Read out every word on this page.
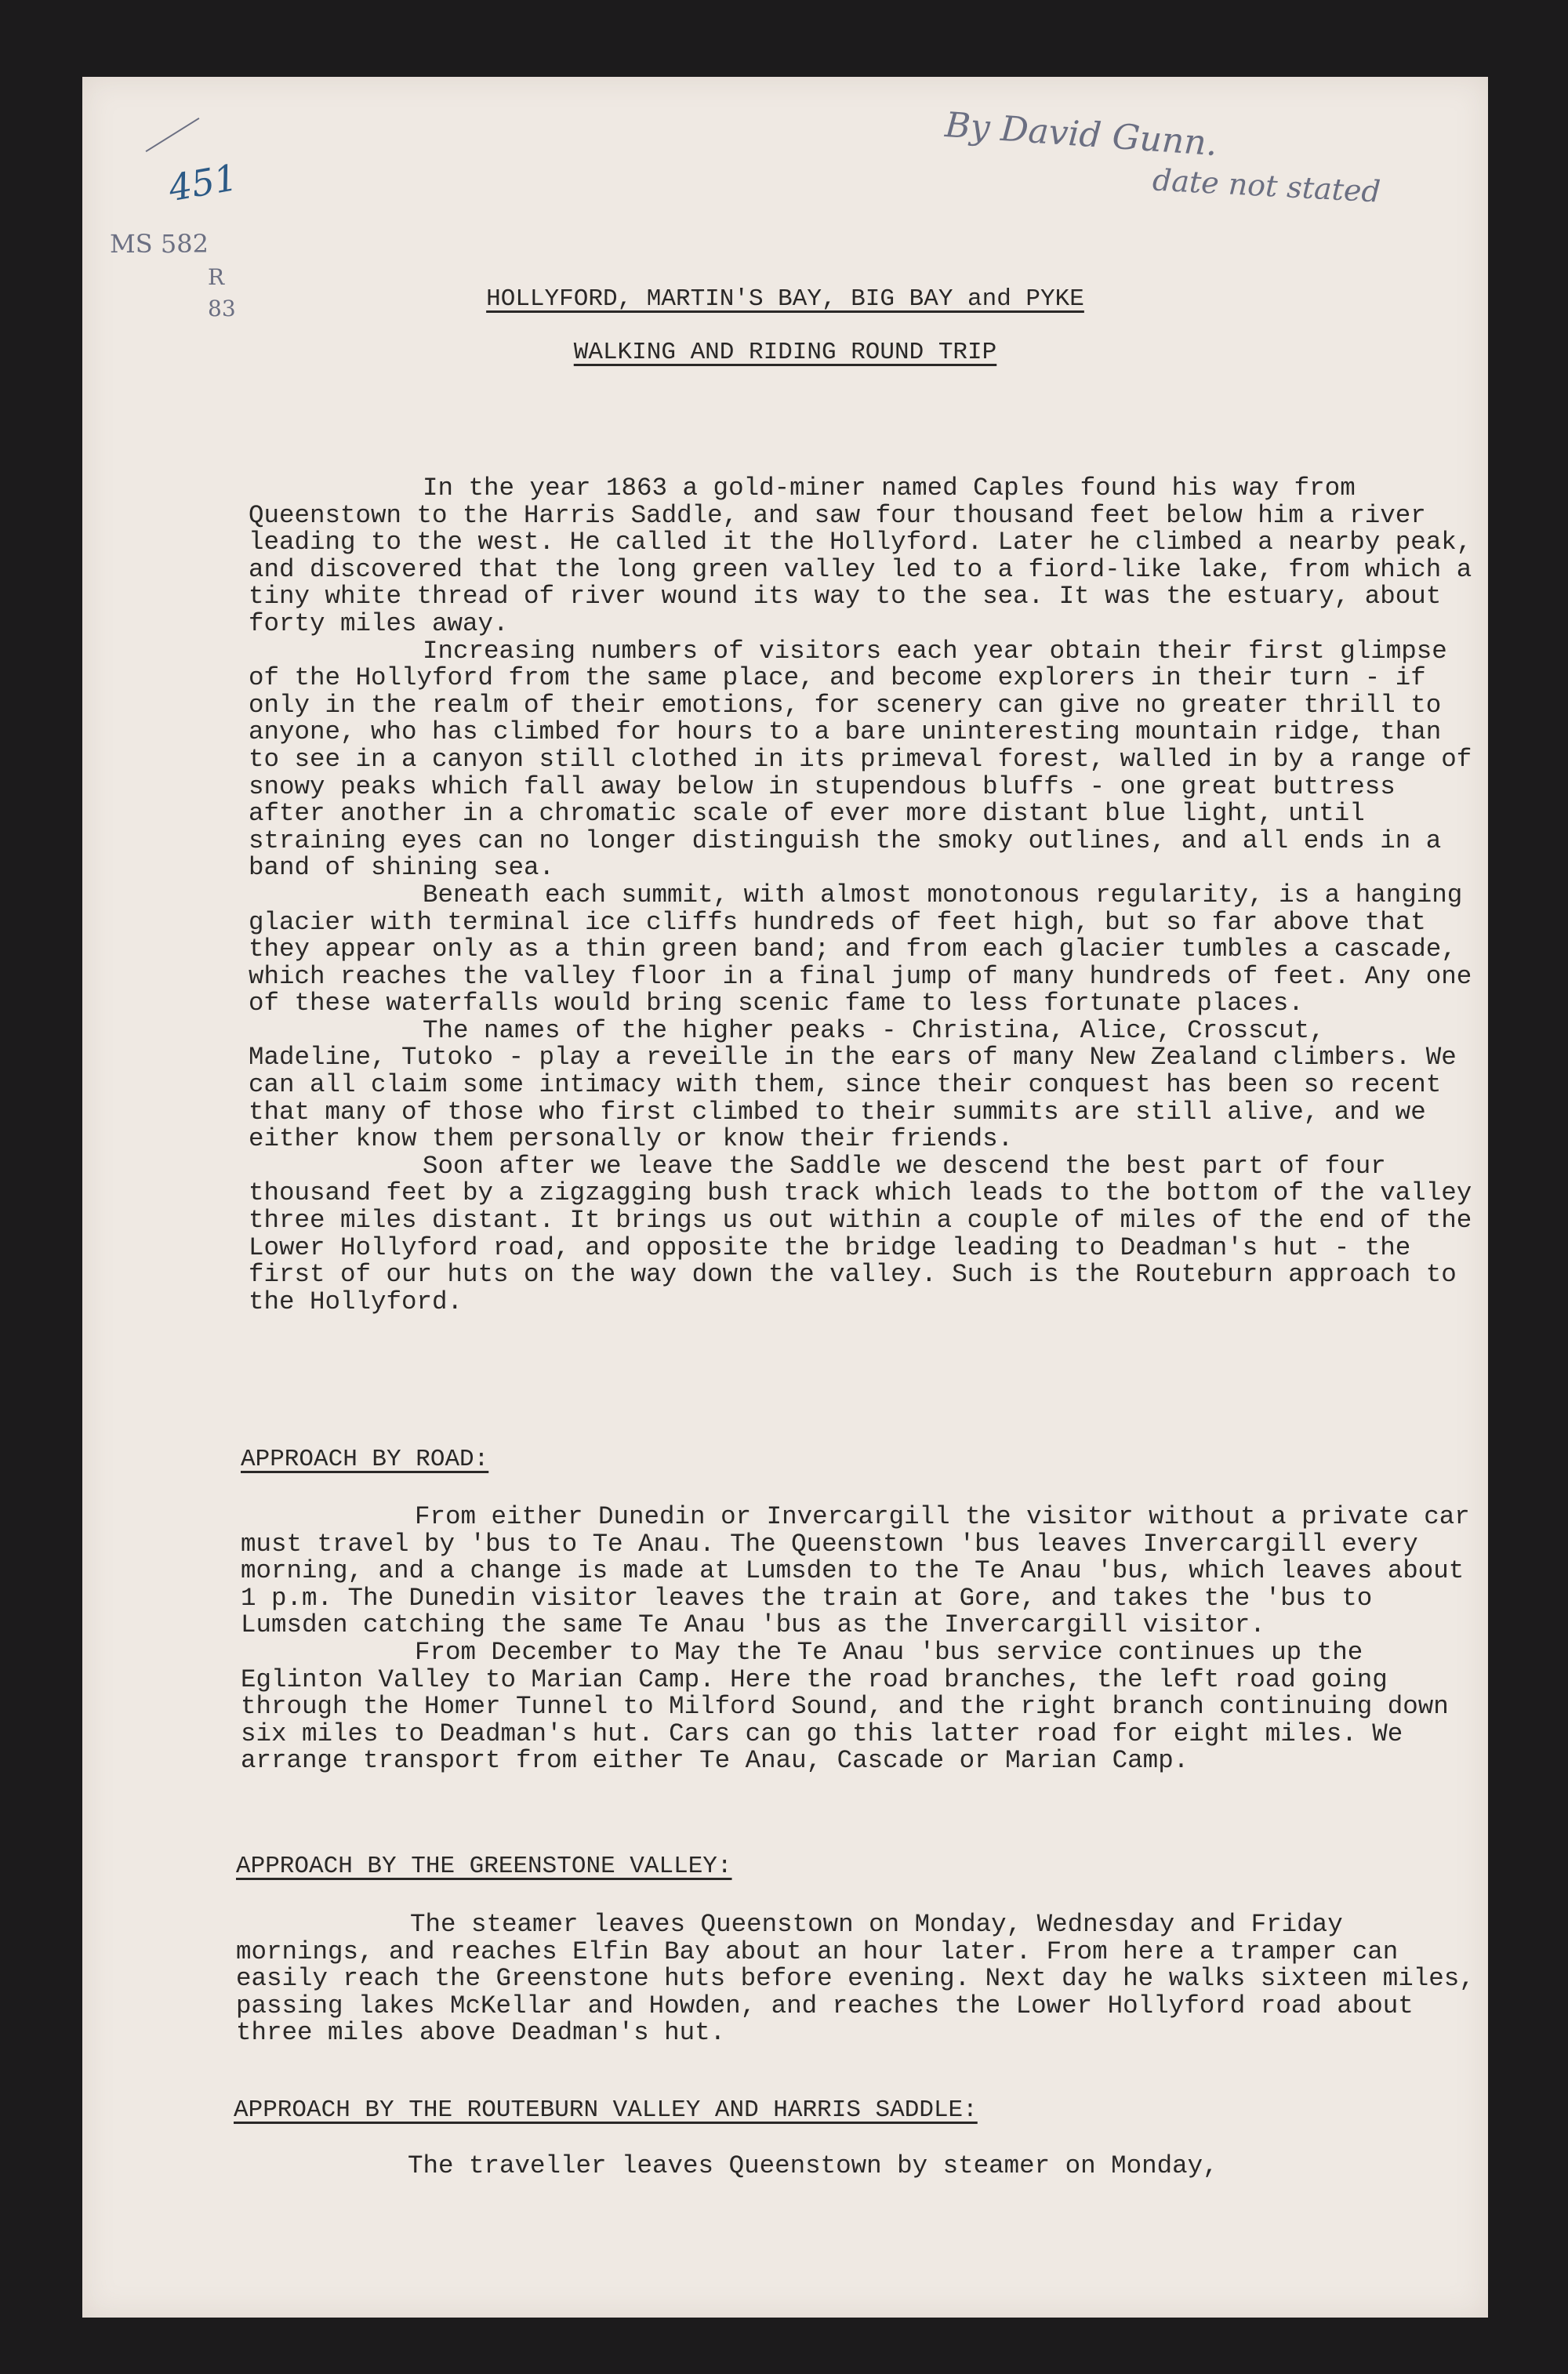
By David Gunn.
date not stated
451
MS 582
R
83	HOLLYFORD, MARTIN'S BAY, BIG BAY and PYKE
WALKING AND RIDING ROUND TRIP

In the year 1863 a gold-miner named Caples found his way from Queenstown to the Harris Saddle, and saw four thousand feet below him a river leading to the west. He called it the Hollyford. Later he climbed a nearby peak, and discovered that the long green valley led to a fiord-like lake, from which a tiny white thread of river wound its way to the sea. It was the estuary, about forty miles away.

Increasing numbers of visitors each year obtain their first glimpse of the Hollyford from the same place, and become explorers in their turn - if only in the realm of their emotions, for scenery can give no greater thrill to anyone, who has climbed for hours to a bare uninteresting mountain ridge, than to see in a canyon still clothed in its primeval forest, walled in by a range of snowy peaks which fall away below in stupendous bluffs - one great buttress after another in a chromatic scale of ever more distant blue light, until straining eyes can no longer distinguish the smoky outlines, and all ends in a band of shining sea.

Beneath each summit, with almost monotonous regularity, is a hanging glacier with terminal ice cliffs hundreds of feet high, but so far above that they appear only as a thin green band; and from each glacier tumbles a cascade, which reaches the valley floor in a final jump of many hundreds of feet. Any one of these waterfalls would bring scenic fame to less fortunate places.

The names of the higher peaks - Christina, Alice, Crosscut, Madeline, Tutoko - play a reveille in the ears of many New Zealand climbers. We can all claim some intimacy with them, since their conquest has been so recent that many of those who first climbed to their summits are still alive, and we either know them personally or know their friends.

Soon after we leave the Saddle we descend the best part of four thousand feet by a zigzagging bush track which leads to the bottom of the valley three miles distant. It brings us out within a couple of miles of the end of the Lower Hollyford road, and opposite the bridge leading to Deadman's hut - the first of our huts on the way down the valley. Such is the Routeburn approach to the Hollyford.

APPROACH BY ROAD:

From either Dunedin or Invercargill the visitor without a private car must travel by 'bus to Te Anau. The Queenstown 'bus leaves Invercargill every morning, and a change is made at Lumsden to the Te Anau 'bus, which leaves about 1 p.m. The Dunedin visitor leaves the train at Gore, and takes the 'bus to Lumsden catching the same Te Anau 'bus as the Invercargill visitor.

From December to May the Te Anau 'bus service continues up the Eglinton Valley to Marian Camp. Here the road branches, the left road going through the Homer Tunnel to Milford Sound, and the right branch continuing down six miles to Deadman's hut. Cars can go this latter road for eight miles. We arrange transport from either Te Anau, Cascade or Marian Camp.

APPROACH BY THE GREENSTONE VALLEY:

The steamer leaves Queenstown on Monday, Wednesday and Friday mornings, and reaches Elfin Bay about an hour later. From here a tramper can easily reach the Greenstone huts before evening. Next day he walks sixteen miles, passing lakes McKellar and Howden, and reaches the Lower Hollyford road about three miles above Deadman's hut.

APPROACH BY THE ROUTEBURN VALLEY AND HARRIS SADDLE:

The traveller leaves Queenstown by steamer on Monday,
